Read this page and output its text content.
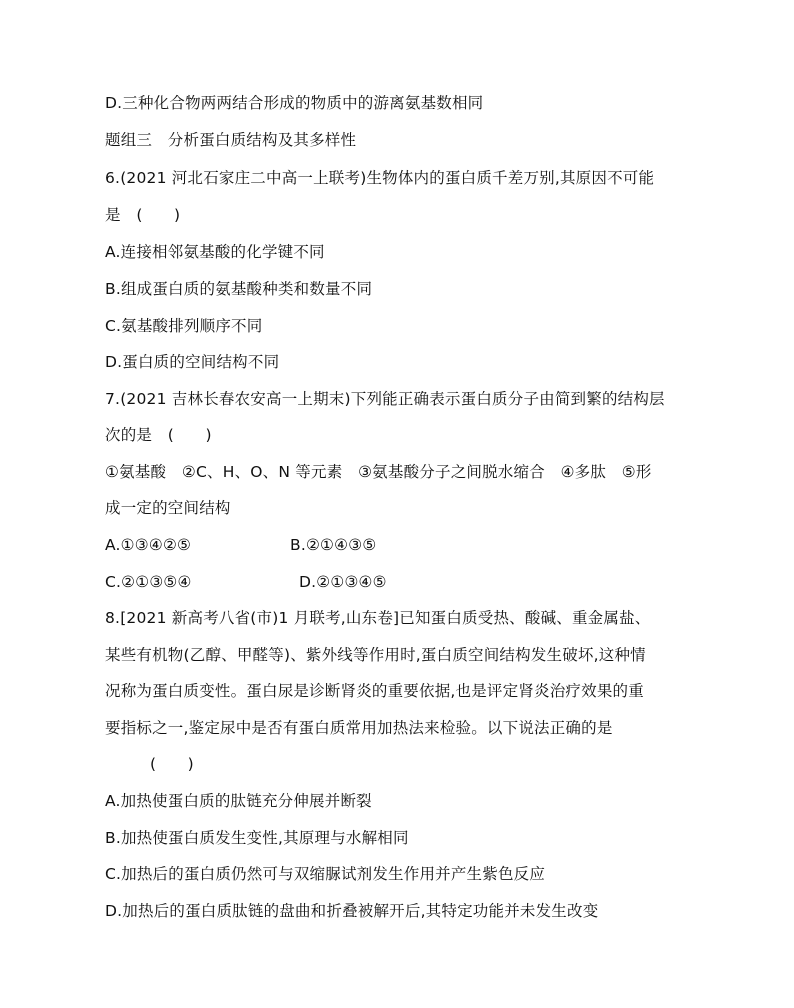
D.三种化合物两两结合形成的物质中的游离氨基数相同
题组三　分析蛋白质结构及其多样性
6.(2021 河北石家庄二中高一上联考)生物体内的蛋白质千差万别,其原因不可能
是　(　　)
A.连接相邻氨基酸的化学键不同
B.组成蛋白质的氨基酸种类和数量不同
C.氨基酸排列顺序不同
D.蛋白质的空间结构不同
7.(2021 吉林长春农安高一上期末)下列能正确表示蛋白质分子由简到繁的结构层
次的是　(　　)
①氨基酸　②C、H、O、N 等元素　③氨基酸分子之间脱水缩合　④多肽　⑤形
成一定的空间结构
A.①③④②⑤	B.②①④③⑤
C.②①③⑤④	D.②①③④⑤
8.[2021 新高考八省(市)1 月联考,山东卷]已知蛋白质受热、酸碱、重金属盐、
某些有机物(乙醇、甲醛等)、紫外线等作用时,蛋白质空间结构发生破坏,这种情
况称为蛋白质变性。蛋白尿是诊断肾炎的重要依据,也是评定肾炎治疗效果的重
要指标之一,鉴定尿中是否有蛋白质常用加热法来检验。以下说法正确的是
(　　)
A.加热使蛋白质的肽链充分伸展并断裂
B.加热使蛋白质发生变性,其原理与水解相同
C.加热后的蛋白质仍然可与双缩脲试剂发生作用并产生紫色反应
D.加热后的蛋白质肽链的盘曲和折叠被解开后,其特定功能并未发生改变
